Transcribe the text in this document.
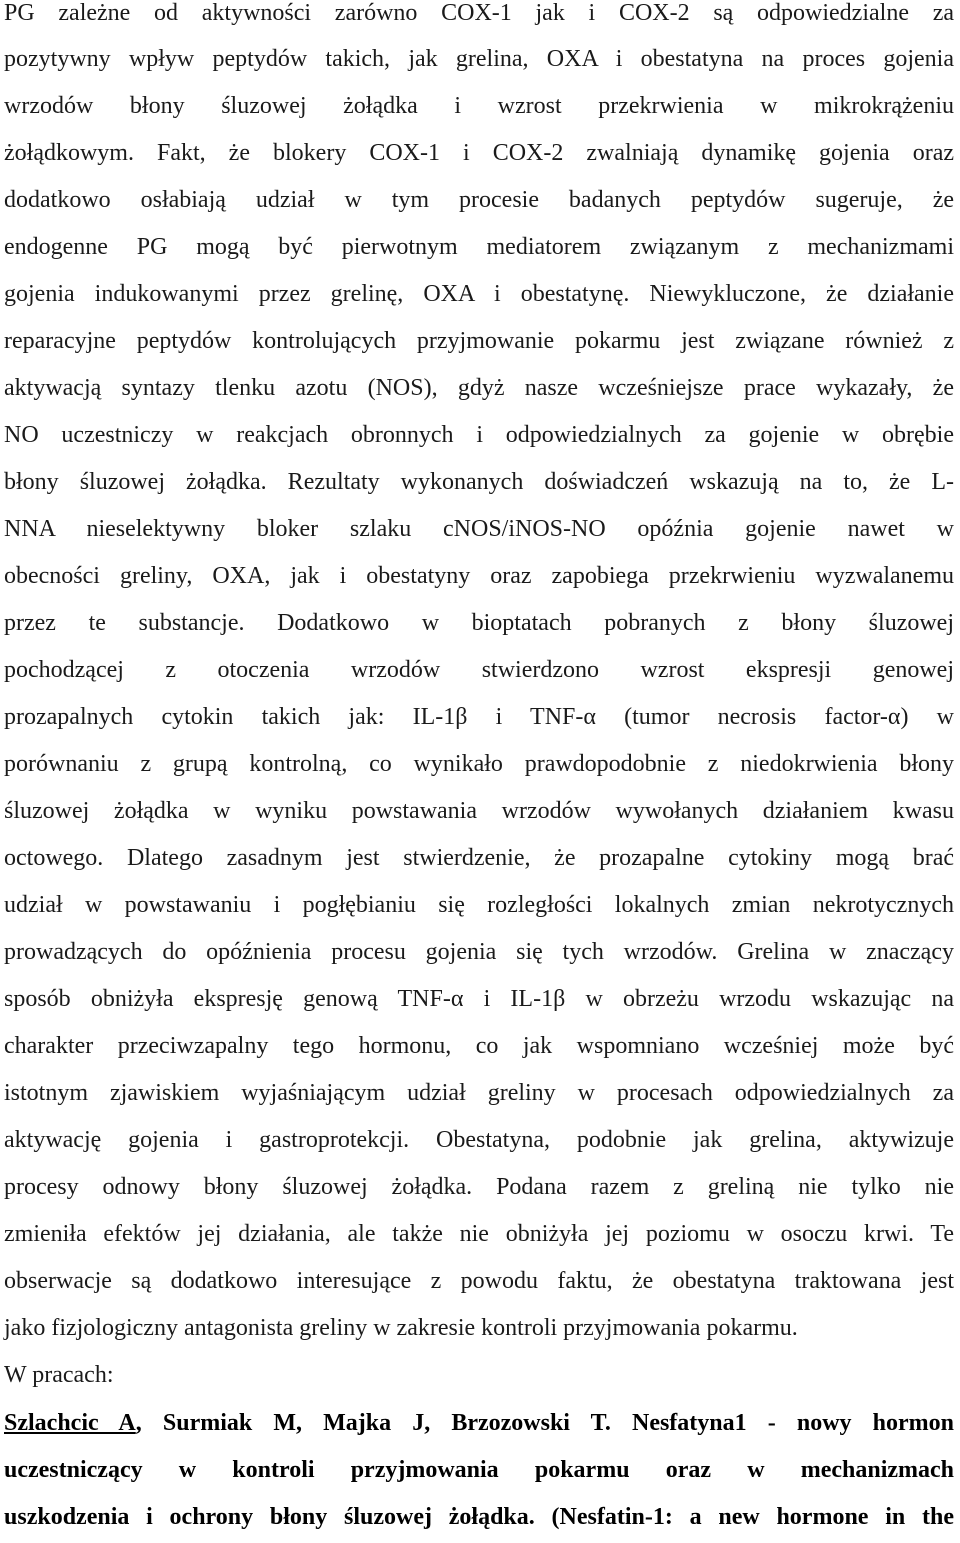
PG zależne od aktywności zarówno COX-1 jak i COX-2 są odpowiedzialne za
pozytywny wpływ peptydów takich, jak grelina, OXA i obestatyna na proces gojenia
wrzodów błony śluzowej żołądka i wzrost przekrwienia w mikrokrążeniu
żołądkowym. Fakt, że blokery COX-1 i COX-2 zwalniają dynamikę gojenia oraz
dodatkowo osłabiają udział w tym procesie badanych peptydów sugeruje, że
endogenne PG mogą być pierwotnym mediatorem związanym z mechanizmami
gojenia indukowanymi przez grelinę, OXA i obestatynę. Niewykluczone, że działanie
reparacyjne peptydów kontrolujących przyjmowanie pokarmu jest związane również z
aktywacją syntazy tlenku azotu (NOS), gdyż nasze wcześniejsze prace wykazały, że
NO uczestniczy w reakcjach obronnych i odpowiedzialnych za gojenie w obrębie
błony śluzowej żołądka. Rezultaty wykonanych doświadczeń wskazują na to, że L-
NNA nieselektywny bloker szlaku cNOS/iNOS-NO opóźnia gojenie nawet w
obecności greliny, OXA, jak i obestatyny oraz zapobiega przekrwieniu wyzwalanemu
przez te substancje. Dodatkowo w bioptatach pobranych z błony śluzowej
pochodzącej z otoczenia wrzodów stwierdzono wzrost ekspresji genowej
prozapalnych cytokin takich jak: IL-1β i TNF-α (tumor necrosis factor-α) w
porównaniu z grupą kontrolną, co wynikało prawdopodobnie z niedokrwienia błony
śluzowej żołądka w wyniku powstawania wrzodów wywołanych działaniem kwasu
octowego. Dlatego zasadnym jest stwierdzenie, że prozapalne cytokiny mogą brać
udział w powstawaniu i pogłębianiu się rozległości lokalnych zmian nekrotycznych
prowadzących do opóźnienia procesu gojenia się tych wrzodów. Grelina w znaczący
sposób obniżyła ekspresję genową TNF-α i IL-1β w obrzeżu wrzodu wskazując na
charakter przeciwzapalny tego hormonu, co jak wspomniano wcześniej może być
istotnym zjawiskiem wyjaśniającym udział greliny w procesach odpowiedzialnych za
aktywację gojenia i gastroprotekcji. Obestatyna, podobnie jak grelina, aktywizuje
procesy odnowy błony śluzowej żołądka. Podana razem z greliną nie tylko nie
zmieniła efektów jej działania, ale także nie obniżyła jej poziomu w osoczu krwi. Te
obserwacje są dodatkowo interesujące z powodu faktu, że obestatyna traktowana jest
jako fizjologiczny antagonista greliny w zakresie kontroli przyjmowania pokarmu.
W pracach:
Szlachcic A, Surmiak M, Majka J, Brzozowski T. Nesfatyna1 - nowy hormon
uczestniczący w kontroli przyjmowania pokarmu oraz w mechanizmach
uszkodzenia i ochrony błony śluzowej żołądka. (Nesfatin-1: a new hormone in the
